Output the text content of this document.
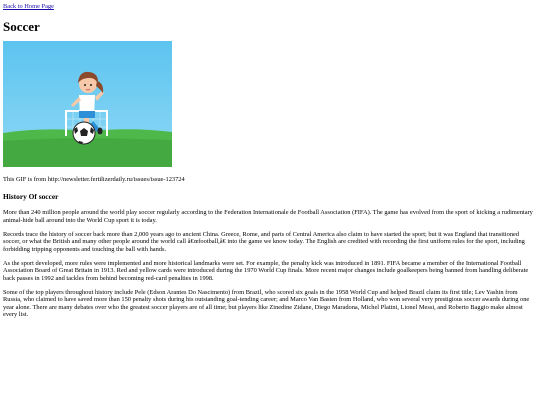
Back to Home Page
Soccer
This GIF is from http://newsletter.fertilizerdaily.ru/issues/issue-123724
History Of soccer

More than 240 million people around the world play soccer regularly according to the Federation Internationale de Football Association (FIFA). The game has evolved from the sport of kicking a rudimentary animal-hide ball around into the World Cup sport it is today.

Records trace the history of soccer back more than 2,000 years ago to ancient China. Greece, Rome, and parts of Central America also claim to have started the sport; but it was England that transitioned soccer, or what the British and many other people around the world call â€œfootball,â€ into the game we know today. The English are credited with recording the first uniform rules for the sport, including forbidding tripping opponents and touching the ball with hands.

As the sport developed, more rules were implemented and more historical landmarks were set. For example, the penalty kick was introduced in 1891. FIFA became a member of the International Football Association Board of Great Britain in 1913. Red and yellow cards were introduced during the 1970 World Cup finals. More recent major changes include goalkeepers being banned from handling deliberate back passes in 1992 and tackles from behind becoming red-card penalties in 1998.

Some of the top players throughout history include Pele (Edson Arantes Do Nascimento) from Brazil, who scored six goals in the 1958 World Cup and helped Brazil claim its first title; Lev Yashin from Russia, who claimed to have saved more than 150 penalty shots during his outstanding goal-tending career; and Marco Van Basten from Holland, who won several very prestigious soccer awards during one year alone. There are many debates over who the greatest soccer players are of all time; but players like Zinedine Zidane, Diego Maradona, Michel Platini, Lionel Messi, and Roberto Baggio make almost every list.
